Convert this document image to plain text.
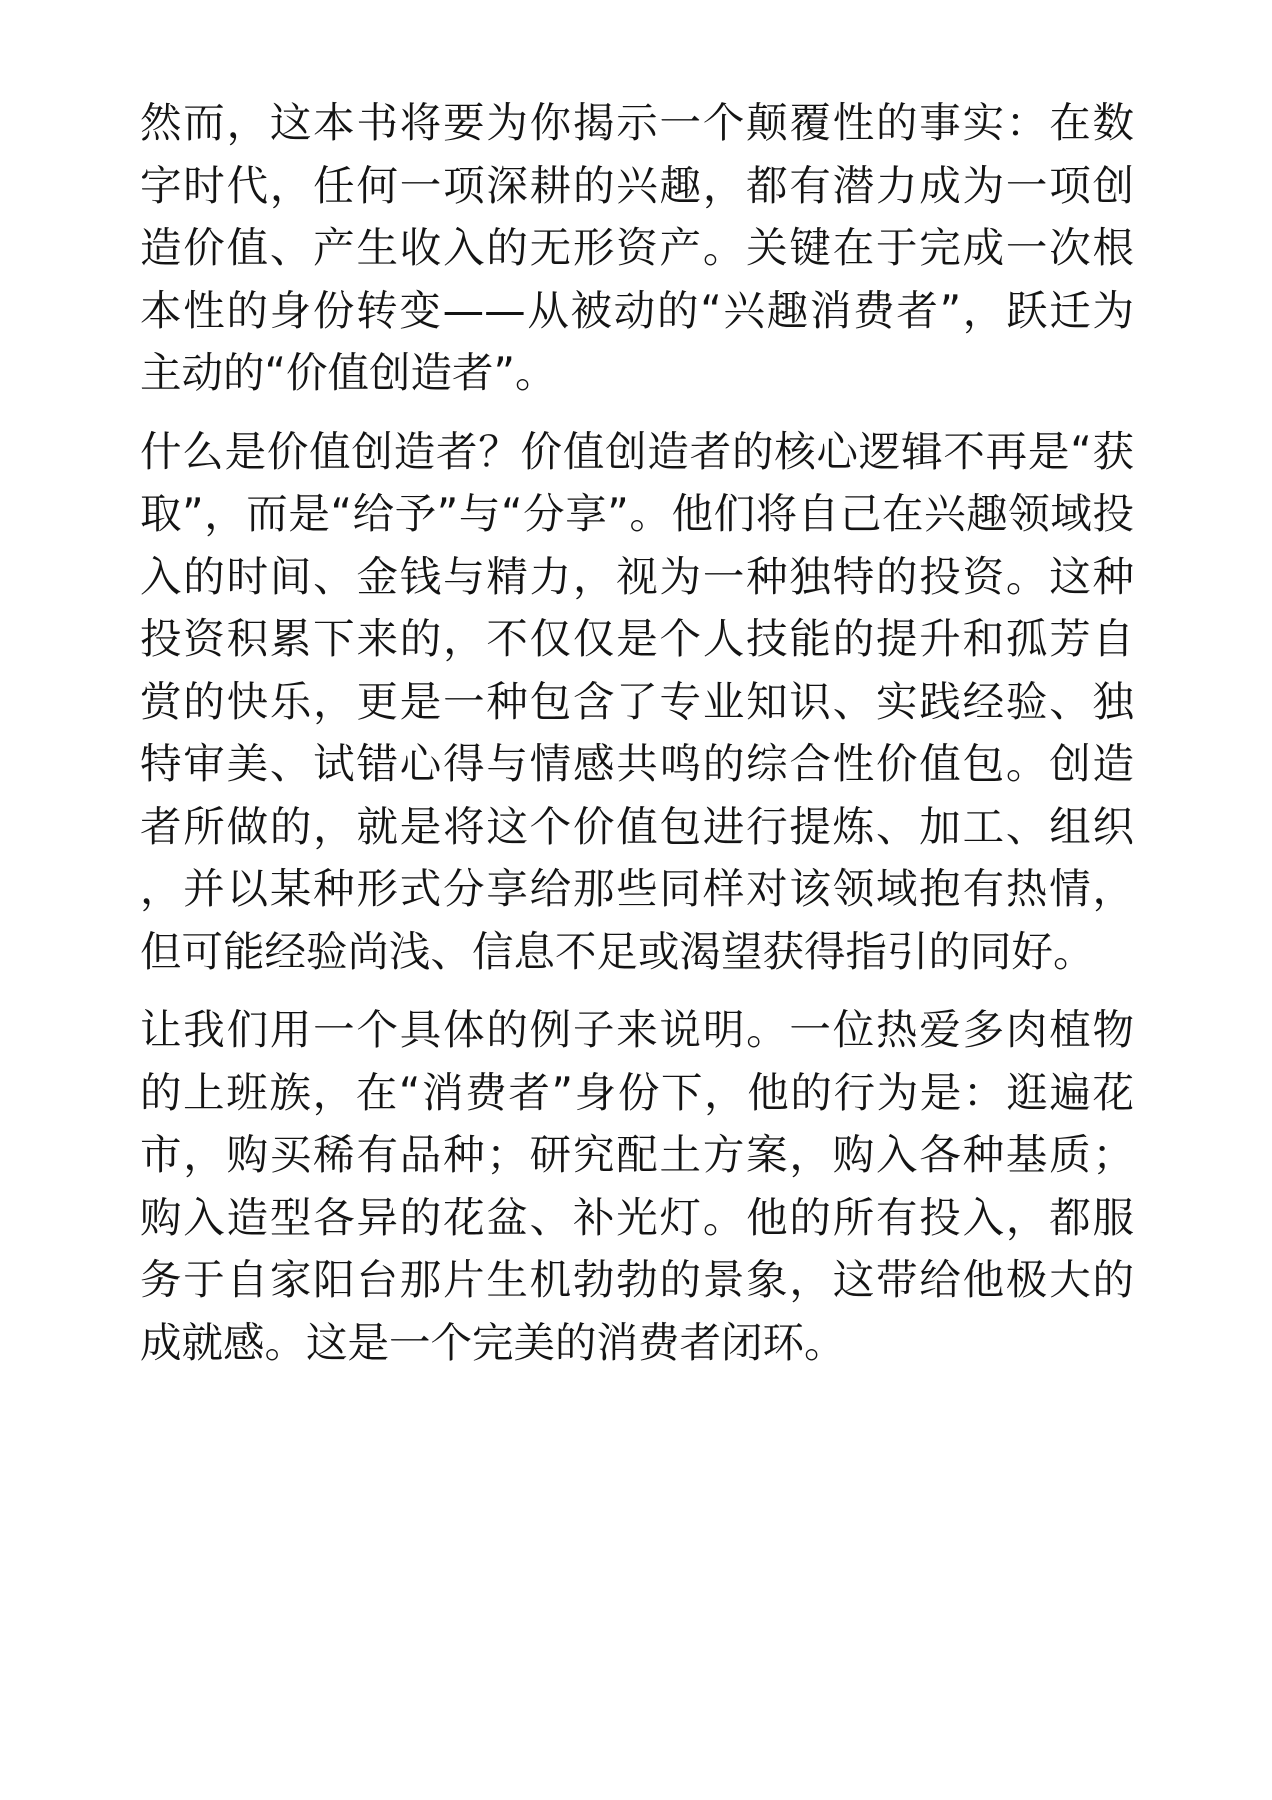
然而，这本书将要为你揭示一个颠覆性的事实：在数字时代，任何一项深耕的兴趣，都有潜力成为一项创造价值、产生收入的无形资产。关键在于完成一次根本性的身份转变——从被动的“兴趣消费者”，跃迁为主动的“价值创造者”。

什么是价值创造者？价值创造者的核心逻辑不再是“获取”，而是“给予”与“分享”。他们将自己在兴趣领域投入的时间、金钱与精力，视为一种独特的投资。这种投资积累下来的，不仅仅是个人技能的提升和孤芳自赏的快乐，更是一种包含了专业知识、实践经验、独特审美、试错心得与情感共鸣的综合性价值包。创造者所做的，就是将这个价值包进行提炼、加工、组织，并以某种形式分享给那些同样对该领域抱有热情，但可能经验尚浅、信息不足或渴望获得指引的同好。

让我们用一个具体的例子来说明。一位热爱多肉植物的上班族，在“消费者”身份下，他的行为是：逛遍花市，购买稀有品种；研究配土方案，购入各种基质；购入造型各异的花盆、补光灯。他的所有投入，都服务于自家阳台那片生机勃勃的景象，这带给他极大的成就感。这是一个完美的消费者闭环。
